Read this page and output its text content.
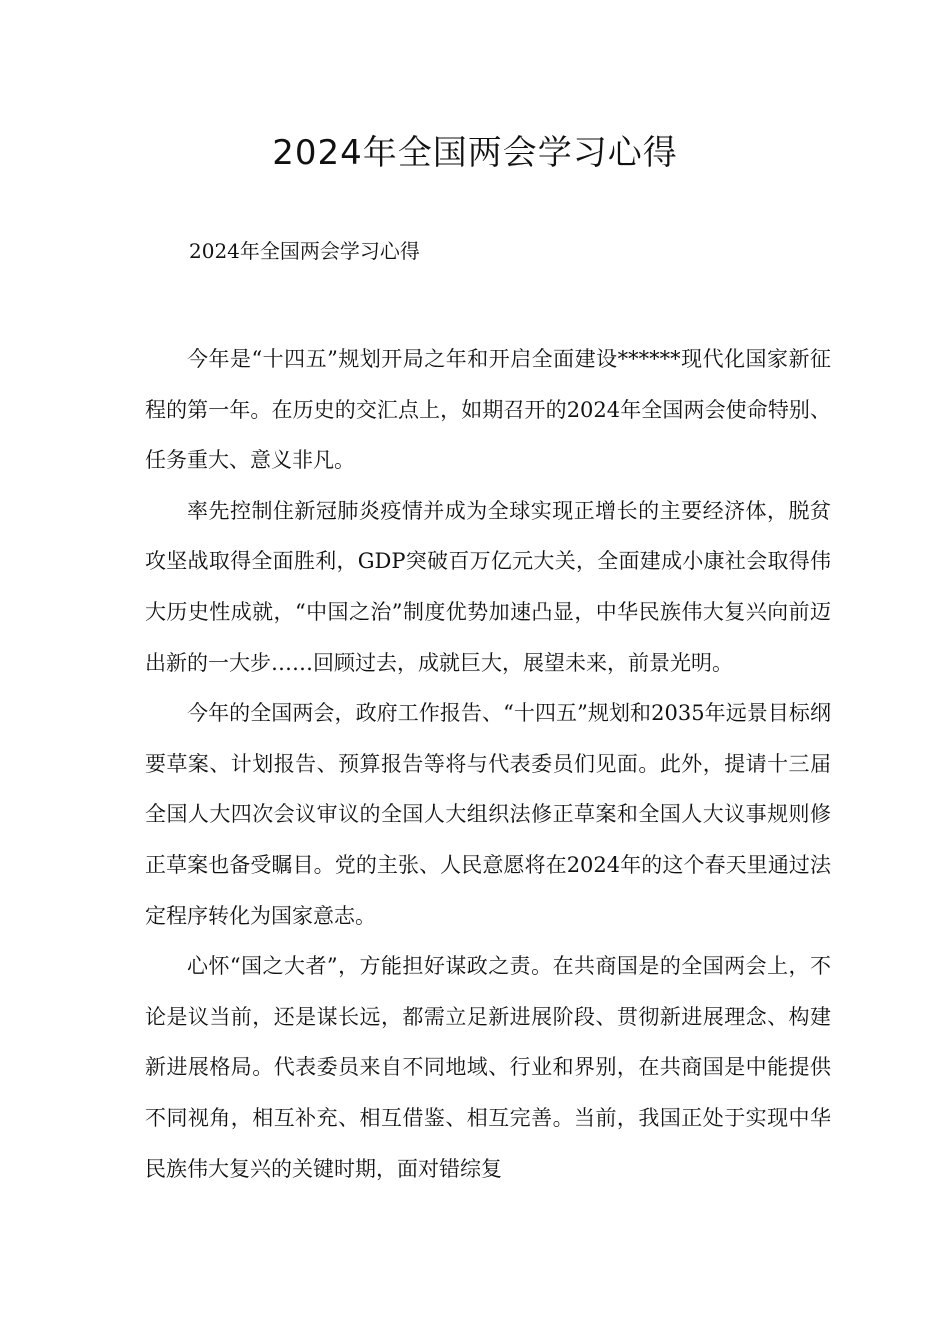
2024年全国两会学习心得

2024年全国两会学习心得

今年是“十四五”规划开局之年和开启全面建设******现代化国家新征程的第一年。在历史的交汇点上，如期召开的2024年全国两会使命特别、任务重大、意义非凡。

率先控制住新冠肺炎疫情并成为全球实现正增长的主要经济体，脱贫攻坚战取得全面胜利，GDP突破百万亿元大关，全面建成小康社会取得伟大历史性成就，“中国之治”制度优势加速凸显，中华民族伟大复兴向前迈出新的一大步……回顾过去，成就巨大，展望未来，前景光明。

今年的全国两会，政府工作报告、“十四五”规划和2035年远景目标纲要草案、计划报告、预算报告等将与代表委员们见面。此外，提请十三届全国人大四次会议审议的全国人大组织法修正草案和全国人大议事规则修正草案也备受瞩目。党的主张、人民意愿将在2024年的这个春天里通过法定程序转化为国家意志。

心怀“国之大者”，方能担好谋政之责。在共商国是的全国两会上，不论是议当前，还是谋长远，都需立足新进展阶段、贯彻新进展理念、构建新进展格局。代表委员来自不同地域、行业和界别，在共商国是中能提供不同视角，相互补充、相互借鉴、相互完善。当前，我国正处于实现中华民族伟大复兴的关键时期，面对错综复
